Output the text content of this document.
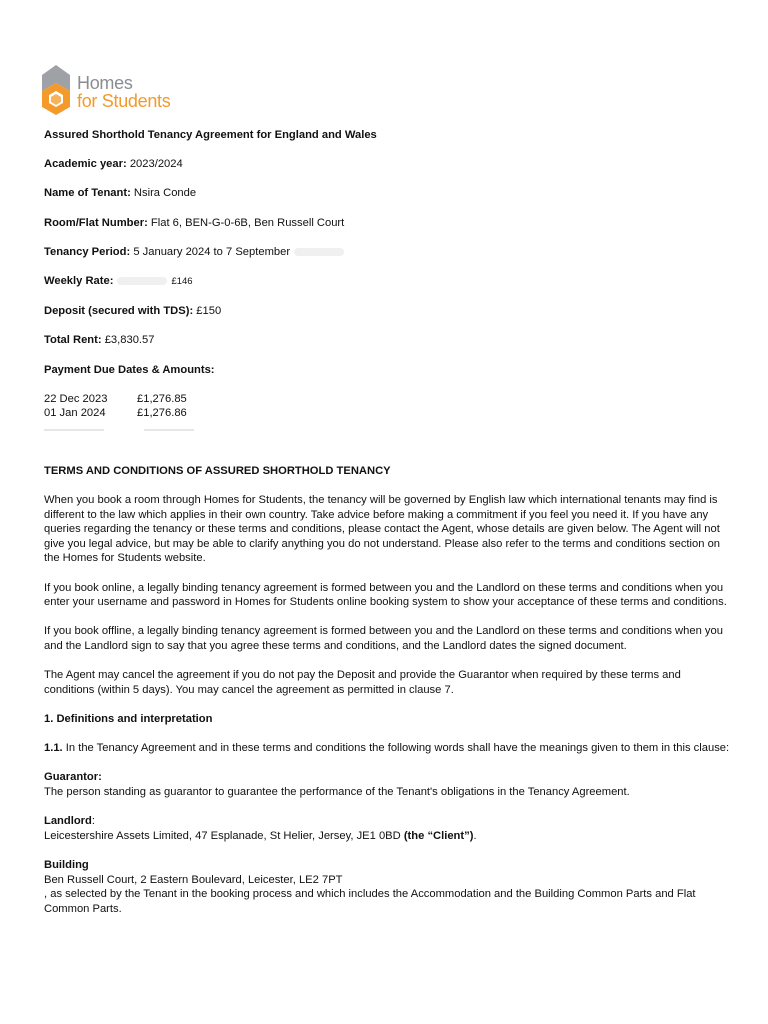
Homes
for Students

Assured Shorthold Tenancy Agreement for England and Wales

Academic year: 2023/2024

Name of Tenant: Nsira Conde

Room/Flat Number: Flat 6, BEN-G-0-6B, Ben Russell Court

Tenancy Period: 5 January 2024 to 7 September

Weekly Rate:	£146

Deposit (secured with TDS): £150

Total Rent: £3,830.57

Payment Due Dates & Amounts:

22 Dec 2023	£1,276.85
01 Jan 2024	£1,276.86

TERMS AND CONDITIONS OF ASSURED SHORTHOLD TENANCY

When you book a room through Homes for Students, the tenancy will be governed by English law which international tenants may find is different to the law which applies in their own country. Take advice before making a commitment if you feel you need it. If you have any queries regarding the tenancy or these terms and conditions, please contact the Agent, whose details are given below. The Agent will not give you legal advice, but may be able to clarify anything you do not understand. Please also refer to the terms and conditions section on the Homes for Students website.

If you book online, a legally binding tenancy agreement is formed between you and the Landlord on these terms and conditions when you enter your username and password in Homes for Students online booking system to show your acceptance of these terms and conditions.

If you book offline, a legally binding tenancy agreement is formed between you and the Landlord on these terms and conditions when you and the Landlord sign to say that you agree these terms and conditions, and the Landlord dates the signed document.

The Agent may cancel the agreement if you do not pay the Deposit and provide the Guarantor when required by these terms and conditions (within 5 days). You may cancel the agreement as permitted in clause 7.

1. Definitions and interpretation

1.1. In the Tenancy Agreement and in these terms and conditions the following words shall have the meanings given to them in this clause:

Guarantor:
The person standing as guarantor to guarantee the performance of the Tenant's obligations in the Tenancy Agreement.
Landlord:
Leicestershire Assets Limited, 47 Esplanade, St Helier, Jersey, JE1 0BD (the “Client”).
Building
Ben Russell Court, 2 Eastern Boulevard, Leicester, LE2 7PT
, as selected by the Tenant in the booking process and which includes the Accommodation and the Building Common Parts and Flat Common Parts.
